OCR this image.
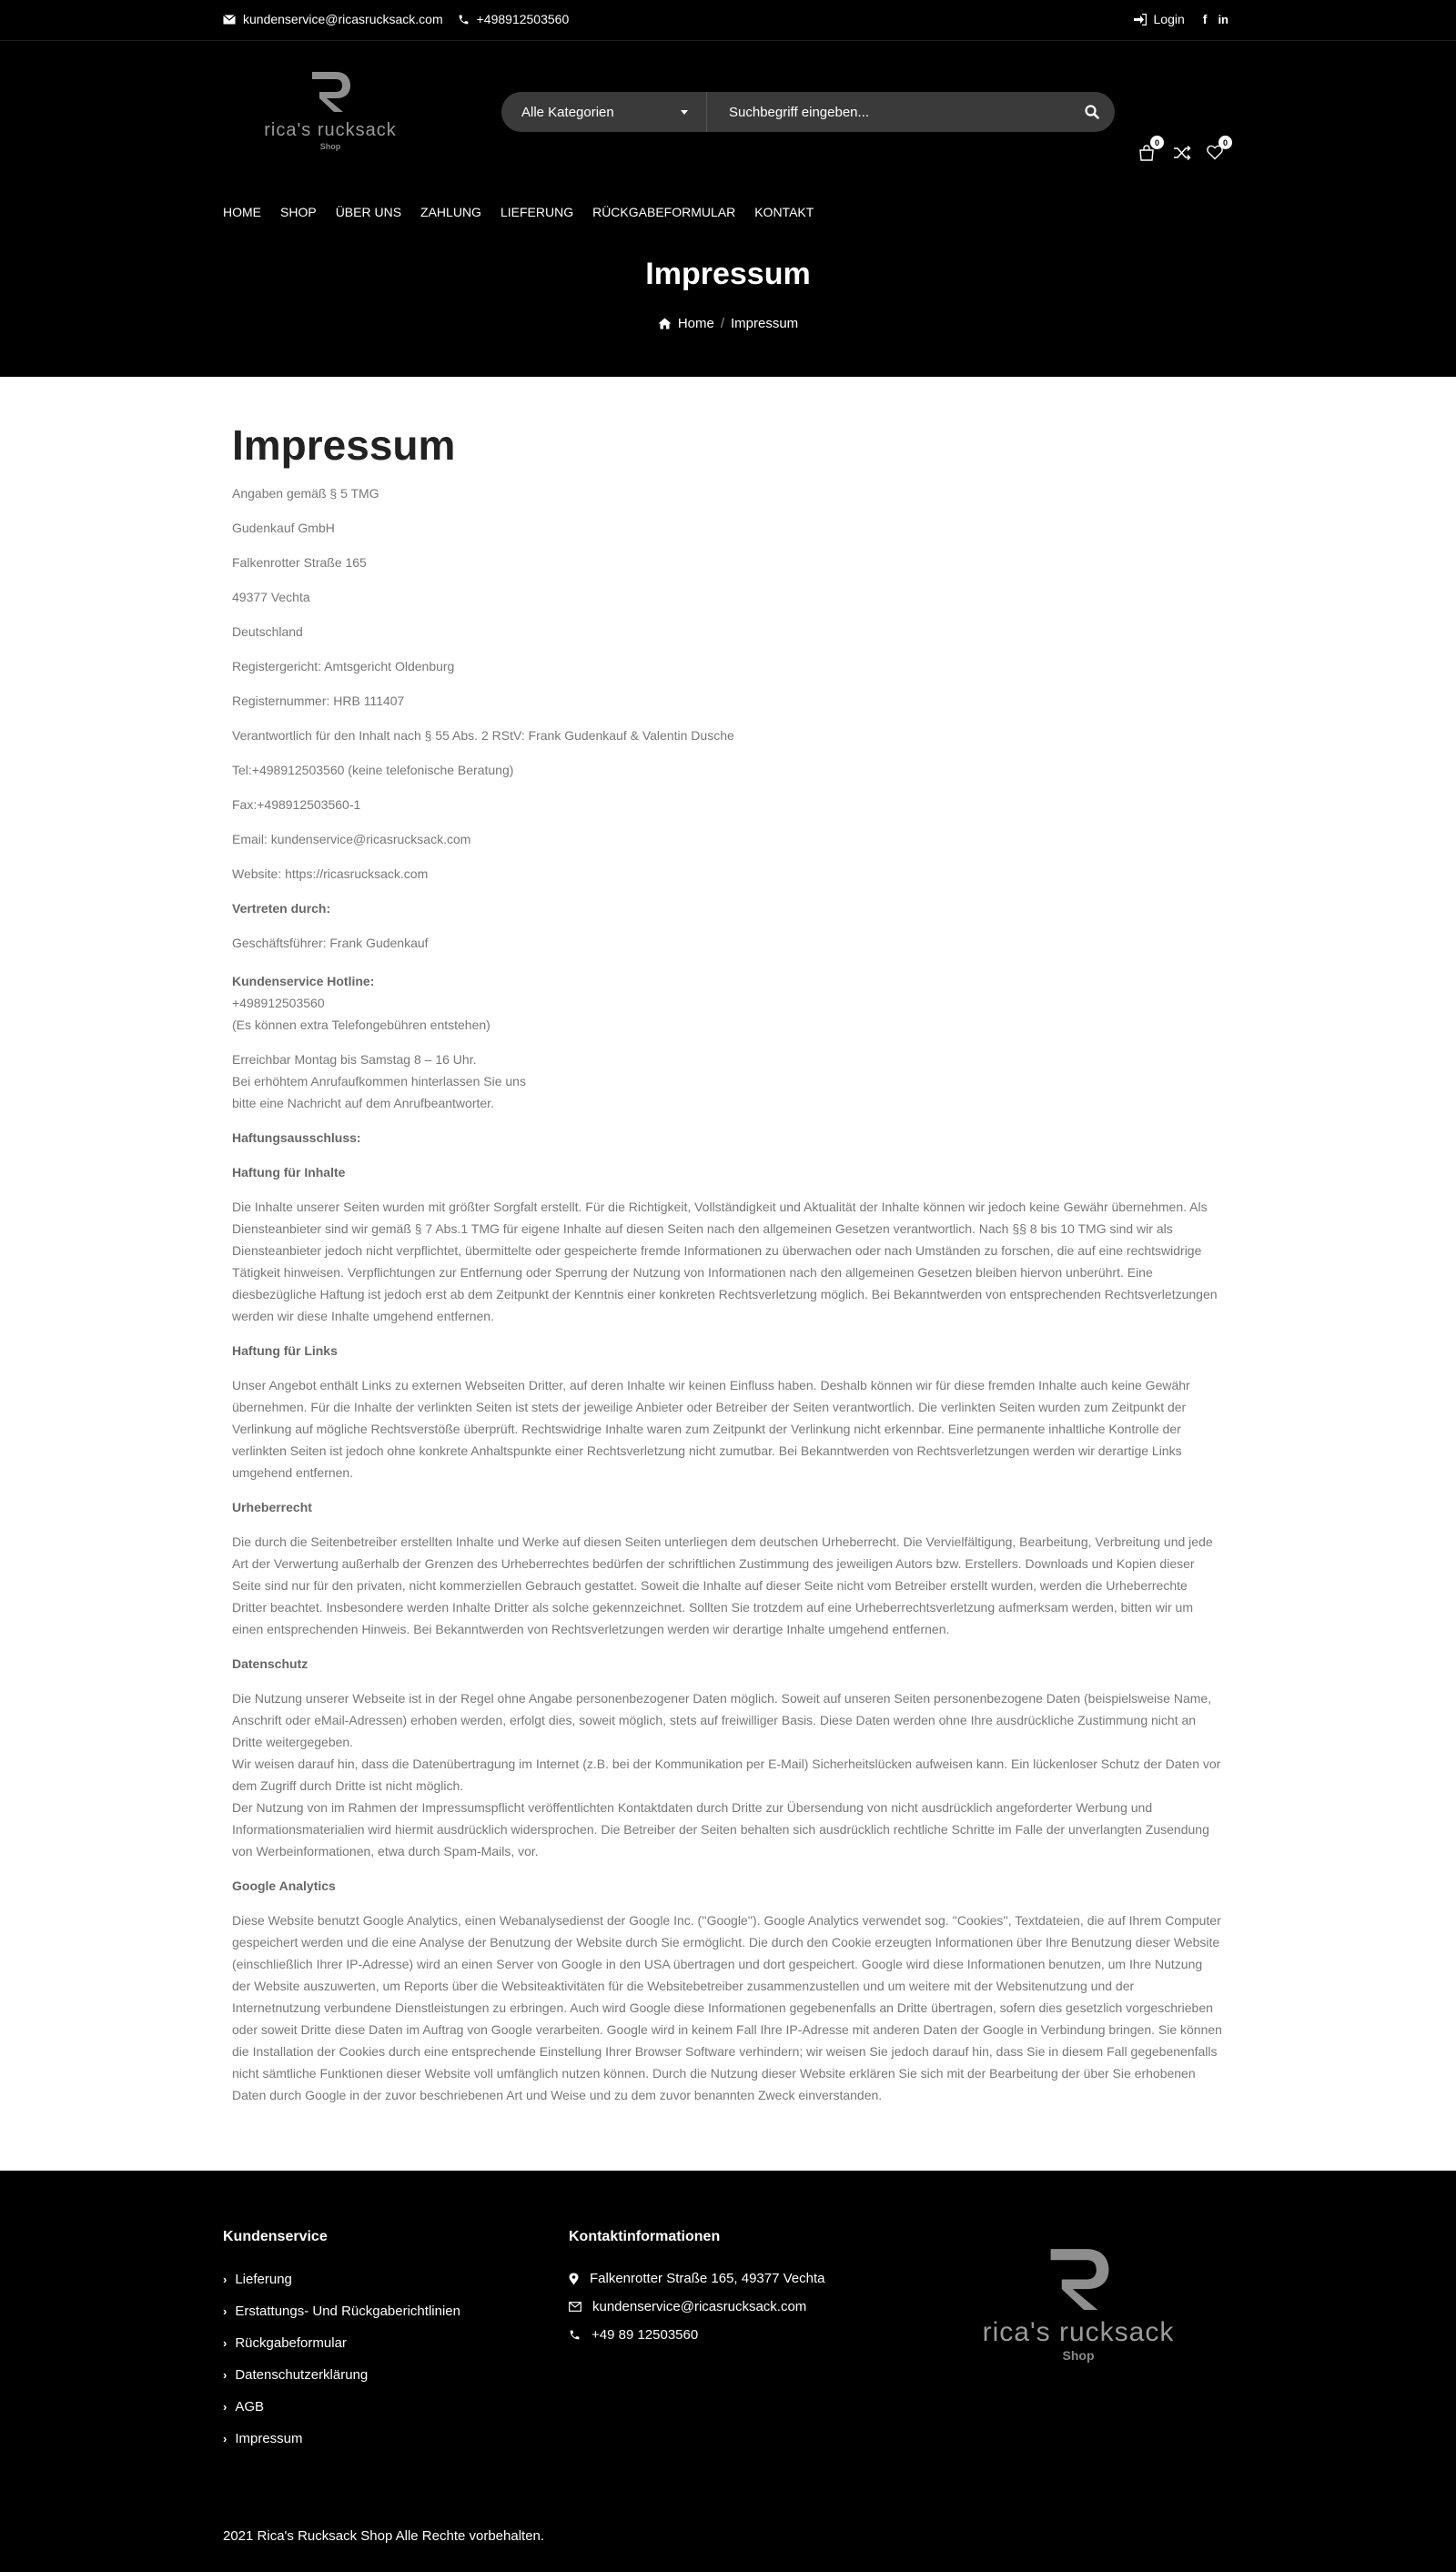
kundenservice@ricasrucksack.com	+498912503560	Login f in
rica's rucksack
Shop
Alle Kategorien
Suchbegriff eingeben...
0	0
HOME SHOP ÜBER UNS ZAHLUNG LIEFERUNG RÜCKGABEFORMULAR KONTAKT
Impressum
Home / Impressum
Impressum

Angaben gemäß § 5 TMG

Gudenkauf GmbH

Falkenrotter Straße 165

49377 Vechta

Deutschland

Registergericht: Amtsgericht Oldenburg

Registernummer: HRB 111407

Verantwortlich für den Inhalt nach § 55 Abs. 2 RStV: Frank Gudenkauf & Valentin Dusche

Tel:+498912503560 (keine telefonische Beratung)

Fax:+498912503560-1

Email: kundenservice@ricasrucksack.com

Website: https://ricasrucksack.com

Vertreten durch:

Geschäftsführer: Frank Gudenkauf

Kundenservice Hotline:
+498912503560
(Es können extra Telefongebühren entstehen)

Erreichbar Montag bis Samstag 8 – 16 Uhr.
Bei erhöhtem Anrufaufkommen hinterlassen Sie uns
bitte eine Nachricht auf dem Anrufbeantworter.

Haftungsausschluss:

Haftung für Inhalte

Die Inhalte unserer Seiten wurden mit größter Sorgfalt erstellt. Für die Richtigkeit, Vollständigkeit und Aktualität der Inhalte können wir jedoch keine Gewähr übernehmen. Als Diensteanbieter sind wir gemäß § 7 Abs.1 TMG für eigene Inhalte auf diesen Seiten nach den allgemeinen Gesetzen verantwortlich. Nach §§ 8 bis 10 TMG sind wir als Diensteanbieter jedoch nicht verpflichtet, übermittelte oder gespeicherte fremde Informationen zu überwachen oder nach Umständen zu forschen, die auf eine rechtswidrige Tätigkeit hinweisen. Verpflichtungen zur Entfernung oder Sperrung der Nutzung von Informationen nach den allgemeinen Gesetzen bleiben hiervon unberührt. Eine diesbezügliche Haftung ist jedoch erst ab dem Zeitpunkt der Kenntnis einer konkreten Rechtsverletzung möglich. Bei Bekanntwerden von entsprechenden Rechtsverletzungen werden wir diese Inhalte umgehend entfernen.

Haftung für Links

Unser Angebot enthält Links zu externen Webseiten Dritter, auf deren Inhalte wir keinen Einfluss haben. Deshalb können wir für diese fremden Inhalte auch keine Gewähr übernehmen. Für die Inhalte der verlinkten Seiten ist stets der jeweilige Anbieter oder Betreiber der Seiten verantwortlich. Die verlinkten Seiten wurden zum Zeitpunkt der Verlinkung auf mögliche Rechtsverstöße überprüft. Rechtswidrige Inhalte waren zum Zeitpunkt der Verlinkung nicht erkennbar. Eine permanente inhaltliche Kontrolle der verlinkten Seiten ist jedoch ohne konkrete Anhaltspunkte einer Rechtsverletzung nicht zumutbar. Bei Bekanntwerden von Rechtsverletzungen werden wir derartige Links umgehend entfernen.

Urheberrecht

Die durch die Seitenbetreiber erstellten Inhalte und Werke auf diesen Seiten unterliegen dem deutschen Urheberrecht. Die Vervielfältigung, Bearbeitung, Verbreitung und jede Art der Verwertung außerhalb der Grenzen des Urheberrechtes bedürfen der schriftlichen Zustimmung des jeweiligen Autors bzw. Erstellers. Downloads und Kopien dieser Seite sind nur für den privaten, nicht kommerziellen Gebrauch gestattet. Soweit die Inhalte auf dieser Seite nicht vom Betreiber erstellt wurden, werden die Urheberrechte Dritter beachtet. Insbesondere werden Inhalte Dritter als solche gekennzeichnet. Sollten Sie trotzdem auf eine Urheberrechtsverletzung aufmerksam werden, bitten wir um einen entsprechenden Hinweis. Bei Bekanntwerden von Rechtsverletzungen werden wir derartige Inhalte umgehend entfernen.

Datenschutz

Die Nutzung unserer Webseite ist in der Regel ohne Angabe personenbezogener Daten möglich. Soweit auf unseren Seiten personenbezogene Daten (beispielsweise Name, Anschrift oder eMail-Adressen) erhoben werden, erfolgt dies, soweit möglich, stets auf freiwilliger Basis. Diese Daten werden ohne Ihre ausdrückliche Zustimmung nicht an Dritte weitergegeben.
Wir weisen darauf hin, dass die Datenübertragung im Internet (z.B. bei der Kommunikation per E-Mail) Sicherheitslücken aufweisen kann. Ein lückenloser Schutz der Daten vor dem Zugriff durch Dritte ist nicht möglich.
Der Nutzung von im Rahmen der Impressumspflicht veröffentlichten Kontaktdaten durch Dritte zur Übersendung von nicht ausdrücklich angeforderter Werbung und Informationsmaterialien wird hiermit ausdrücklich widersprochen. Die Betreiber der Seiten behalten sich ausdrücklich rechtliche Schritte im Falle der unverlangten Zusendung von Werbeinformationen, etwa durch Spam-Mails, vor.

Google Analytics

Diese Website benutzt Google Analytics, einen Webanalysedienst der Google Inc. (''Google''). Google Analytics verwendet sog. ''Cookies'', Textdateien, die auf Ihrem Computer gespeichert werden und die eine Analyse der Benutzung der Website durch Sie ermöglicht. Die durch den Cookie erzeugten Informationen über Ihre Benutzung dieser Website (einschließlich Ihrer IP-Adresse) wird an einen Server von Google in den USA übertragen und dort gespeichert. Google wird diese Informationen benutzen, um Ihre Nutzung der Website auszuwerten, um Reports über die Websiteaktivitäten für die Websitebetreiber zusammenzustellen und um weitere mit der Websitenutzung und der Internetnutzung verbundene Dienstleistungen zu erbringen. Auch wird Google diese Informationen gegebenenfalls an Dritte übertragen, sofern dies gesetzlich vorgeschrieben oder soweit Dritte diese Daten im Auftrag von Google verarbeiten. Google wird in keinem Fall Ihre IP-Adresse mit anderen Daten der Google in Verbindung bringen. Sie können die Installation der Cookies durch eine entsprechende Einstellung Ihrer Browser Software verhindern; wir weisen Sie jedoch darauf hin, dass Sie in diesem Fall gegebenenfalls nicht sämtliche Funktionen dieser Website voll umfänglich nutzen können. Durch die Nutzung dieser Website erklären Sie sich mit der Bearbeitung der über Sie erhobenen Daten durch Google in der zuvor beschriebenen Art und Weise und zu dem zuvor benannten Zweck einverstanden.

Kundenservice
› Lieferung
› Erstattungs- Und Rückgaberichtlinien
› Rückgabeformular
› Datenschutzerklärung
› AGB
› Impressum
Kontaktinformationen
Falkenrotter Straße 165, 49377 Vechta
kundenservice@ricasrucksack.com
+49 89 12503560	rica's rucksack
Shop
2021 Rica's Rucksack Shop Alle Rechte vorbehalten.
